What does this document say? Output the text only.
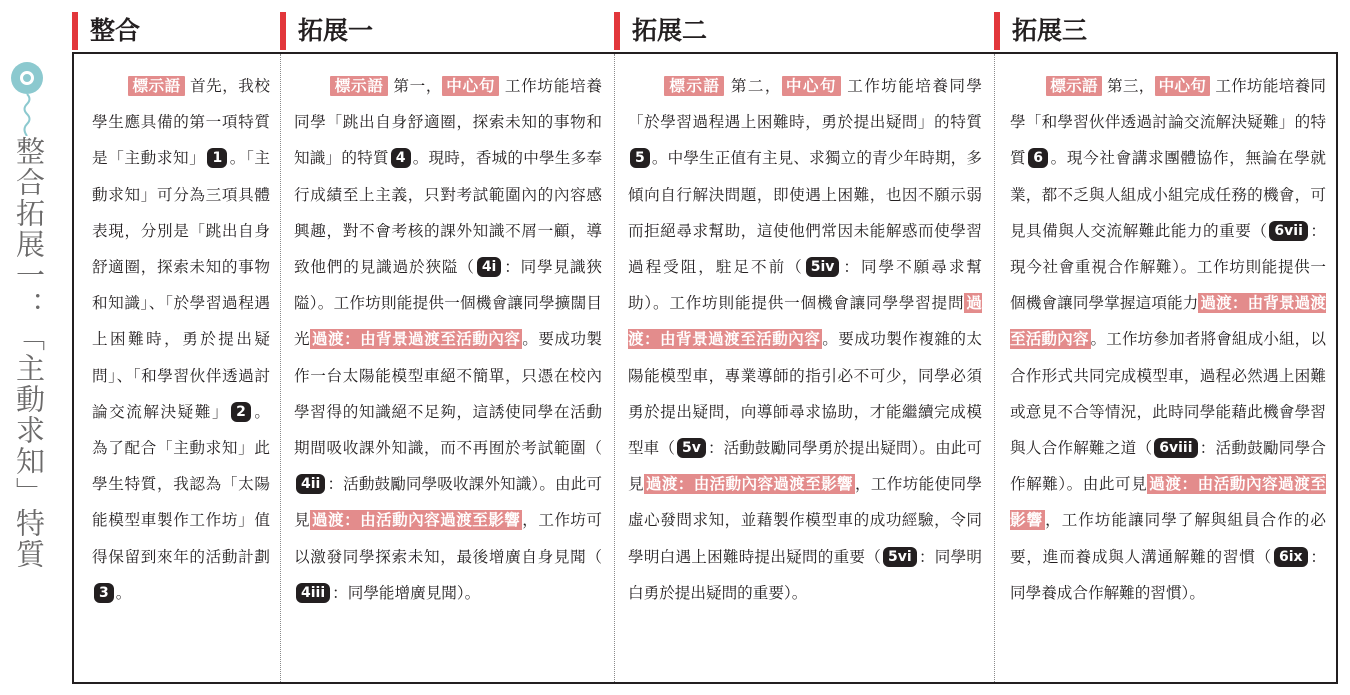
整合拓展一：「主動求知」特質
整合	拓展一	拓展二	拓展三
標示語 首先，我校學生應具備的第一項特質是「主動求知」 1 。「主動求知」可分為三項具體表現，分別是「跳出自身舒適圈，探索未知的事物和知識」、「於學習過程遇上困難時，勇於提出疑問」、「和學習伙伴透過討論交流解決疑難」 2 。為了配合「主動求知」此學生特質，我認為「太陽能模型車製作工作坊」值得保留到來年的活動計劃3 。
標示語 第一， 中心句 工作坊能培養同學「跳出自身舒適圈，探索未知的事物和知識」的特質 4 。現時，香城的中學生多奉行成績至上主義，只對考試範圍內的內容感興趣，對不會考核的課外知識不屑一顧，導致他們的見識過於狹隘（ 4i ：同學見識狹隘）。工作坊則能提供一個機會讓同學擴闊目光 過渡：由背景過渡至活動內容 。要成功製作一台太陽能模型車絕不簡單，只憑在校內學習得的知識絕不足夠，這誘使同學在活動期間吸收課外知識，而不再囿於考試範圍（4ii ：活動鼓勵同學吸收課外知識）。由此可見 過渡：由活動內容過渡至影響 ，工作坊可以激發同學探索未知，最後增廣自身見聞（4iii ：同學能增廣見聞）。
標示語 第二， 中心句 工作坊能培養同學「於學習過程遇上困難時，勇於提出疑問」的特質5 。中學生正值有主見、求獨立的青少年時期，多傾向自行解決問題，即使遇上困難，也因不願示弱而拒絕尋求幫助，這使他們常因未能解惑而使學習過程受阻，駐足不前（ 5iv ：同學不願尋求幫助）。工作坊則能提供一個機會讓同學學習提問 過渡：由背景過渡至活動內容 。要成功製作複雜的太陽能模型車，專業導師的指引必不可少，同學必須勇於提出疑問，向導師尋求協助，才能繼續完成模型車（ 5v ：活動鼓勵同學勇於提出疑問）。由此可見 過渡：由活動內容過渡至影響 ，工作坊能使同學虛心發問求知，並藉製作模型車的成功經驗，令同學明白遇上困難時提出疑問的重要（ 5vi ：同學明白勇於提出疑問的重要）。
標示語 第三， 中心句 工作坊能培養同學「和學習伙伴透過討論交流解決疑難」的特質 6 。現今社會講求團體協作，無論在學就業，都不乏與人組成小組完成任務的機會，可見具備與人交流解難此能力的重要（ 6vii ：現今社會重視合作解難）。工作坊則能提供一個機會讓同學掌握這項能力 過渡：由背景過渡至活動內容 。工作坊參加者將會組成小組，以合作形式共同完成模型車，過程必然遇上困難或意見不合等情況，此時同學能藉此機會學習與人合作解難之道（ 6viii ：活動鼓勵同學合作解難）。由此可見 過渡：由活動內容過渡至影響 ，工作坊能讓同學了解與組員合作的必要，進而養成與人溝通解難的習慣（ 6ix ：同學養成合作解難的習慣）。
